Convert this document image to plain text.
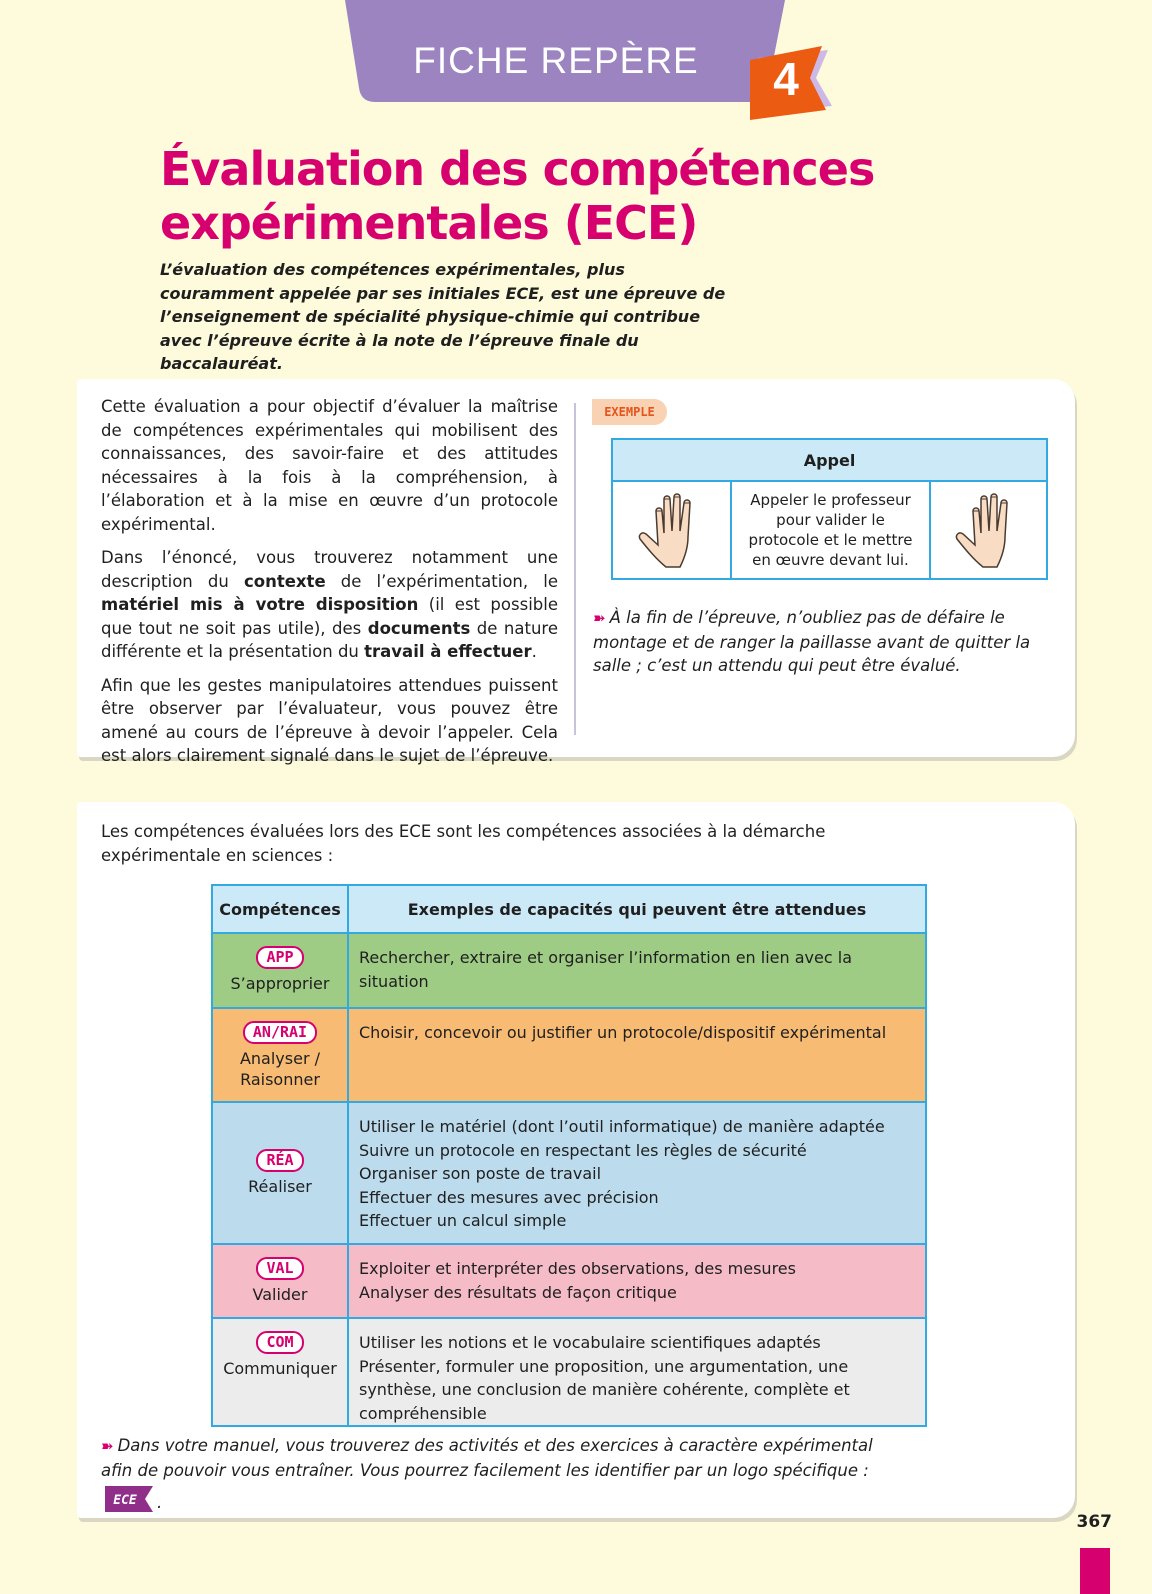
FICHE REPÈRE	4
Évaluation des compétences
expérimentales (ECE)
L’évaluation des compétences expérimentales, plus couramment appelée par ses initiales ECE, est une épreuve de l’enseignement de spécialité physique-chimie qui contribue avec l’épreuve écrite à la note de l’épreuve finale du baccalauréat.

Cette évaluation a pour objectif d’évaluer la maîtrise de compétences expérimentales qui mobilisent des connaissances, des savoir-faire et des attitudes nécessaires à la fois à la compréhension, à l’élaboration et à la mise en œuvre d’un protocole expérimental.

Dans l’énoncé, vous trouverez notamment une description du contexte de l’expérimentation, le matériel mis à votre disposition (il est possible que tout ne soit pas utile), des documents de nature différente et la présentation du travail à effectuer.

Afin que les gestes manipulatoires attendues puissent être observer par l’évaluateur, vous pouvez être amené au cours de l’épreuve à devoir l’appeler. Cela est alors clairement signalé dans le sujet de l’épreuve.

EXEMPLE
Appel
	Appeler le professeur pour valider le protocole et le mettre en œuvre devant lui.	
➽ À la fin de l’épreuve, n’oubliez pas de défaire le montage et de ranger la paillasse avant de quitter la salle ; c’est un attendu qui peut être évalué.
Les compétences évaluées lors des ECE sont les compétences associées à la démarche expérimentale en sciences :
Compétences	Exemples de capacités qui peuvent être attendues
APP
S’approprier	Rechercher, extraire et organiser l’information en lien avec la situation
AN/RAI
Analyser / Raisonner	Choisir, concevoir ou justifier un protocole/dispositif expérimental
RÉA
Réaliser	Utiliser le matériel (dont l’outil informatique) de manière adaptée
Suivre un protocole en respectant les règles de sécurité
Organiser son poste de travail
Effectuer des mesures avec précision
Effectuer un calcul simple
VAL
Valider	Exploiter et interpréter des observations, des mesures
Analyser des résultats de façon critique
COM
Communiquer	Utiliser les notions et le vocabulaire scientifiques adaptés
Présenter, formuler une proposition, une argumentation, une synthèse, une conclusion de manière cohérente, complète et compréhensible
➽ Dans votre manuel, vous trouverez des activités et des exercices à caractère expérimental afin de pouvoir vous entraîner. Vous pourrez facilement les identifier par un logo spécifique :
ECE .
367
